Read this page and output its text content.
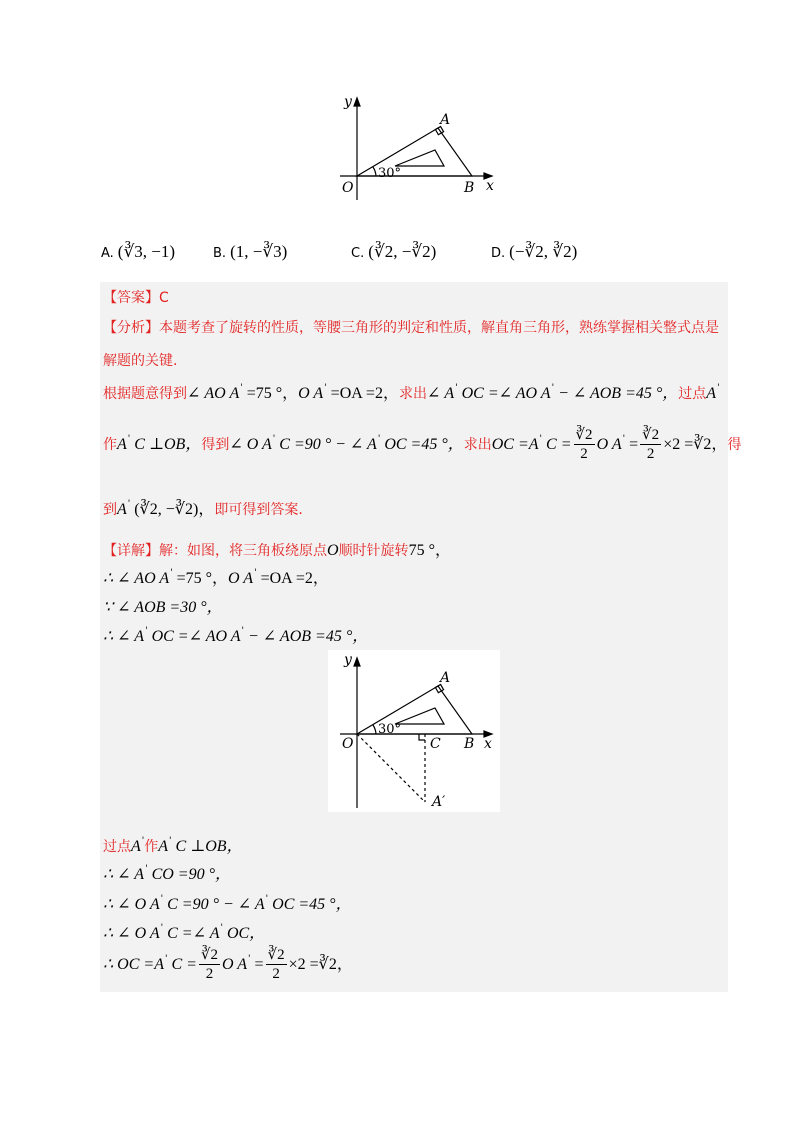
y
x
O
A
B
30°
A. (∛3, −1)	B. (1, −∛3)	C. (∛2, −∛2)	D. (−∛2, ∛2)
【答案】C
【分析】本题考查了旋转的性质，等腰三角形的判定和性质，解直角三角形，熟练掌握相关整式点是
解题的关键.
根据题意得到∠ AO A' =75 °，O A' =OA =2，求出∠ A' OC =∠ AO A' − ∠ AOB =45 °，过点A'
作A' C ⊥OB，得到∠ O A' C =90 ° − ∠ A' OC =45 °，求出OC =A' $C = \frac{∛2}{2}$ O $A' = \frac{∛2}{2} \times 2$ =∛2，得
到A' (∛2, −∛2)，即可得到答案.
【详解】解：如图，将三角板绕原点O顺时针旋转75 °，
∴ ∠ AO A' =75 °，O A' =OA =2，
∵ ∠ AOB =30 °，
∴ ∠ A' OC =∠ AO A' − ∠ AOB =45 °，
y
x
O
A
B
C
A′
30°
过点A'作A' C ⊥OB，
∴ ∠ A' CO =90 °，
∴ ∠ O A' C =90 ° − ∠ A' OC =45 °，
∴ ∠ O A' C =∠ A' OC，
∴ OC =A' $C = \frac{∛2}{2}$ O $A' = \frac{∛2}{2} \times 2$ =∛2，
